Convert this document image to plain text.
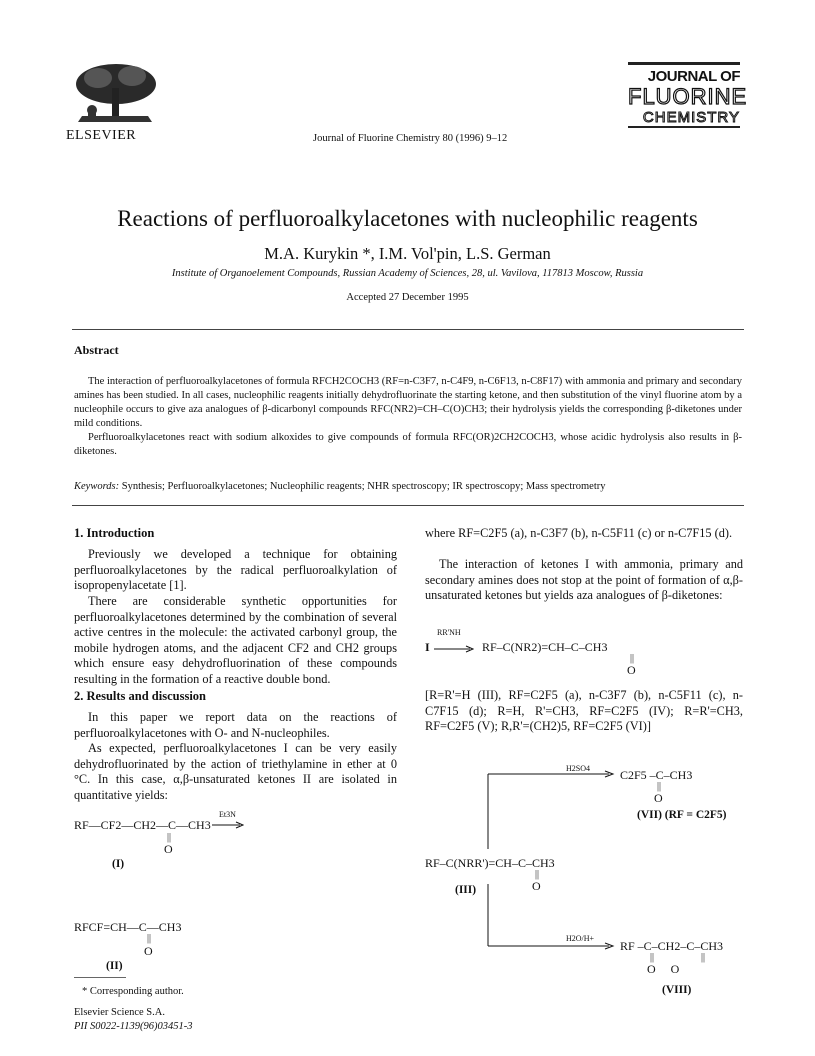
ELSEVIER	Journal of Fluorine Chemistry 80 (1996) 9–12
JOURNAL OF
FLUORINE
CHEMISTRY
Reactions of perfluoroalkylacetones with nucleophilic reagents
M.A. Kurykin *, I.M. Vol'pin, L.S. German
Institute of Organoelement Compounds, Russian Academy of Sciences, 28, ul. Vavilova, 117813 Moscow, Russia
Accepted 27 December 1995
Abstract
The interaction of perfluoroalkylacetones of formula RFCH2COCH3 (RF=n-C3F7, n-C4F9, n-C6F13, n-C8F17) with ammonia and primary and secondary amines has been studied. In all cases, nucleophilic reagents initially dehydrofluorinate the starting ketone, and then substitution of the vinyl fluorine atom by a nucleophile occurs to give aza analogues of β-dicarbonyl compounds RFC(NR2)=CH–C(O)CH3; their hydrolysis yields the corresponding β-diketones under mild conditions.
Perfluoroalkylacetones react with sodium alkoxides to give compounds of formula RFC(OR)2CH2COCH3, whose acidic hydrolysis also results in β-diketones.
Keywords: Synthesis; Perfluoroalkylacetones; Nucleophilic reagents; NHR spectroscopy; IR spectroscopy; Mass spectrometry
1. Introduction
Previously we developed a technique for obtaining perfluoroalkylacetones by the radical perfluoroalkylation of isopropenylacetate [1].
There are considerable synthetic opportunities for perfluoroalkylacetones determined by the combination of several active centres in the molecule: the activated carbonyl group, the mobile hydrogen atoms, and the adjacent CF2 and CH2 groups which ensure easy dehydrofluorination of these compounds resulting in the formation of a reactive double bond.
2. Results and discussion
In this paper we report data on the reactions of perfluoroalkylacetones with O- and N-nucleophiles.
As expected, perfluoroalkylacetones I can be very easily dehydrofluorinated by the action of triethylamine in ether at 0 °C. In this case, α,β-unsaturated ketones II are isolated in quantitative yields:
RF—CF2—CH2—C—CH3
Et3N
||
O
(I)
RFCF=CH—C—CH3
||
O
(II)
* Corresponding author.
Elsevier Science S.A.
PII S0022-1139(96)03451-3
where RF=C2F5 (a), n-C3F7 (b), n-C5F11 (c) or n-C7F15 (d).
The interaction of ketones I with ammonia, primary and secondary amines does not stop at the point of formation of α,β-unsaturated ketones but yields aza analogues of β-diketones:
RR'NH
I	RF–C(NR2)=CH–C–CH3
||
O
[R=R'=H (III), RF=C2F5 (a), n-C3F7 (b), n-C5F11 (c), n-C7F15 (d); R=H, R'=CH3, RF=C2F5 (IV); R=R'=CH3, RF=C2F5 (V); R,R'=(CH2)5, RF=C2F5 (VI)]
H2SO4 C2F5 –C–CH3
||
O
(VII) (RF = C2F5)
RF–C(NRR')=CH–C–CH3
||
O
(III)
H2O/H+
RF –C–CH2–C–CH3
||	||
O     O
(VIII)
